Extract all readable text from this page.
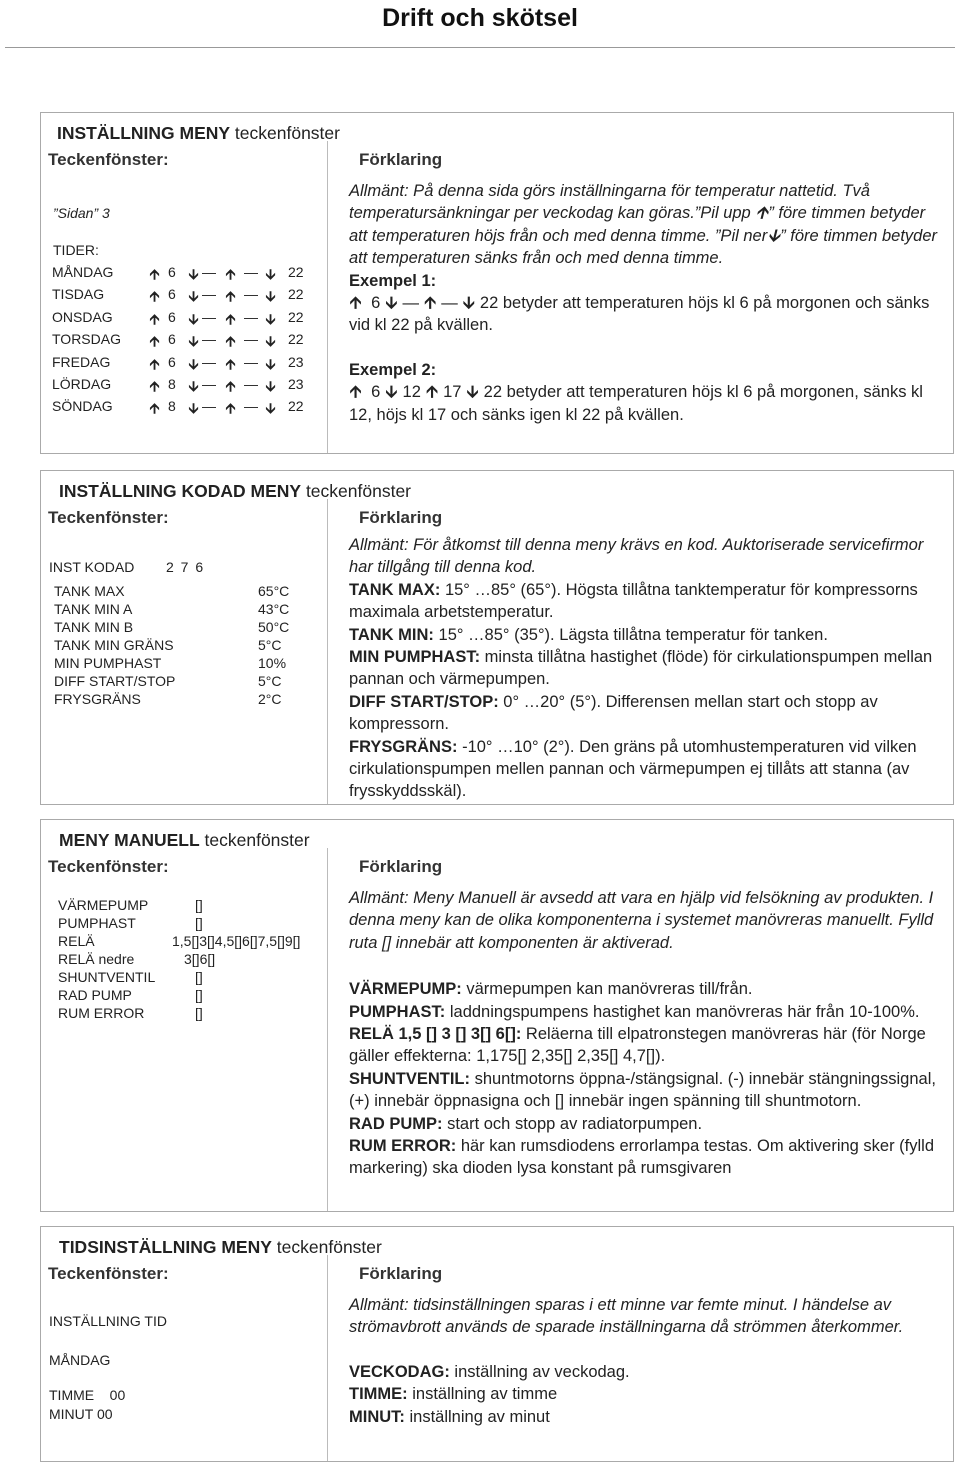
Drift och skötsel
INSTÄLLNING MENY teckenfönster
Teckenfönster:	Förklaring
”Sidan” 3
TIDER:
MÅNDAG	🡩 6 🡫 — 🡩 — 🡫 22
TISDAG	🡩 6 🡫 — 🡩 — 🡫 22
ONSDAG	🡩 6 🡫 — 🡩 — 🡫 22
TORSDAG 🡩 6 🡫 — 🡩 — 🡫 22
FREDAG	🡩 6 🡫 — 🡩 — 🡫 23
LÖRDAG	🡩 8 🡫 — 🡩 — 🡫 23
SÖNDAG	🡩 8 🡫 — 🡩 — 🡫 22

Allmänt: På denna sida görs inställningarna för temperatur nattetid. Två temperatursänkningar per veckodag kan göras.”Pil upp 🡩” före timmen betyder att temperaturen höjs från och med denna timme. ”Pil ner🡫” före timmen betyder att temperaturen sänks från och med denna timme.

Exempel 1:

🡩 6 🡫 — 🡩 — 🡫 22 betyder att temperaturen höjs kl 6 på morgonen och sänks vid kl 22 på kvällen.

Exempel 2:

🡩 6 🡫 12 🡩 17 🡫 22 betyder att temperaturen höjs kl 6 på morgonen, sänks kl 12, höjs kl 17 och sänks igen kl 22 på kvällen.

INSTÄLLNING KODAD MENY teckenfönster
Teckenfönster:	Förklaring
INST KODAD 2 7 6
TANK MAX	65°C
TANK MIN A	43°C
TANK MIN B	50°C
TANK MIN GRÄNS	5°C
MIN PUMPHAST	10%
DIFF START/STOP	5°C
FRYSGRÄNS	2°C

Allmänt: För åtkomst till denna meny krävs en kod. Auktoriserade servicefirmor har tillgång till denna kod.

TANK MAX: 15° …85° (65°). Högsta tillåtna tanktemperatur för kompressorns maximala arbetstemperatur.

TANK MIN: 15° …85° (35°). Lägsta tillåtna temperatur för tanken.

MIN PUMPHAST: minsta tillåtna hastighet (flöde) för cirkulationspumpen mellan pannan och värmepumpen.

DIFF START/STOP: 0° …20° (5°). Differensen mellan start och stopp av kompressorn.

FRYSGRÄNS: -10° …10° (2°). Den gräns på utomhustemperaturen vid vilken cirkulationspumpen mellen pannan och värmepumpen ej tillåts att stanna (av frysskyddsskäl).

MENY MANUELL teckenfönster
Teckenfönster:	Förklaring
VÄRMEPUMP	[]
PUMPHAST	[]
RELÄ	1,5[]3[]4,5[]6[]7,5[]9[]
RELÄ nedre	3[]6[]
SHUNTVENTIL	[]
RAD PUMP	[]
RUM ERROR	[]

Allmänt: Meny Manuell är avsedd att vara en hjälp vid felsökning av produkten. I denna meny kan de olika komponenterna i systemet manövreras manuellt. Fylld ruta [] innebär att komponenten är aktiverad.

VÄRMEPUMP: värmepumpen kan manövreras till/från.

PUMPHAST: laddningspumpens hastighet kan manövreras här från 10-100%.

RELÄ 1,5 [] 3 [] 3[] 6[]: Reläerna till elpatronstegen manövreras här (för Norge gäller effekterna: 1,175[] 2,35[] 2,35[] 4,7[]).

SHUNTVENTIL: shuntmotorns öppna-/stängsignal. (-) innebär stängningssignal, (+) innebär öppnasigna och [] innebär ingen spänning till shuntmotorn.

RAD PUMP: start och stopp av radiatorpumpen.

RUM ERROR: här kan rumsdiodens errorlampa testas. Om aktivering sker (fylld markering) ska dioden lysa konstant på rumsgivaren

TIDSINSTÄLLNING MENY teckenfönster
Teckenfönster:	Förklaring
INSTÄLLNING TID
MÅNDAG
TIMME    00
MINUT 00

Allmänt: tidsinställningen sparas i ett minne var femte minut. I händelse av strömavbrott används de sparade inställningarna då strömmen återkommer.

VECKODAG: inställning av veckodag.

TIMME: inställning av timme

MINUT: inställning av minut
